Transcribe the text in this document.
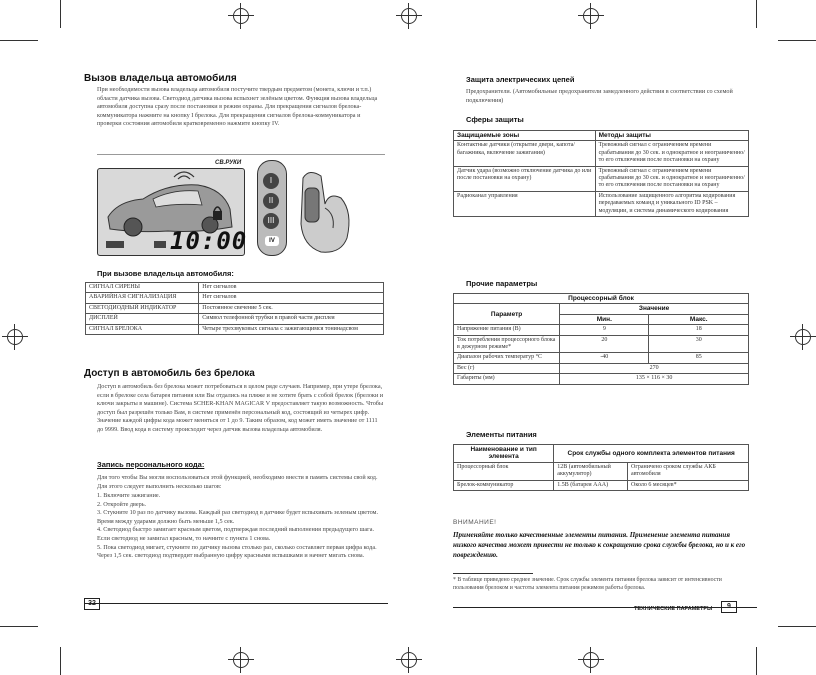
Вызов владельца автомобиля
При необходимости вызова владельца автомобиля постучите твердым предметом (монета, ключи и т.п.) области датчика вызова. Светодиод датчика вызова вспыхнет зелёным цветом. Функция вызова владельца автомобиля доступна сразу после постановки в режим охраны. Для прекращения сигналов брелока-коммуникатора нажмите на кнопку I брелока. Для прекращения сигналов брелока-коммуникатора и проверки состояния автомобиля кратковременно нажмите кнопку IV.
СВ.РУКИ
10:00
I
II
III
IV
При вызове владельца автомобиля:
СИГНАЛ СИРЕНЫ	Нет сигналов
АВАРИЙНАЯ СИГНАЛИЗАЦИЯ	Нет сигналов
СВЕТОДИОДНЫЙ ИНДИКАТОР	Постоянное свечение 5 сек.
ДИСПЛЕЙ	Символ телефонной трубки в правой части дисплея
СИГНАЛ БРЕЛОКА	Четыре трехзвуковых сигнала с зажигающимся тонинадсвом
Доступ в автомобиль без брелока
Доступ в автомобиль без брелока может потребоваться в целом ряде случаев. Например, при утере брелока, если в брелоке села батарея питания или Вы отдались на пляже и не хотите брать с собой брелок (брелоки и ключи закрыты в машине). Система SCHER-KHAN MAGICAR V предоставляет такую возможность. Чтобы доступ был разрешён только Вам, в системе применён персональный код, состоящий из четырех цифр. Значение каждой цифры кода может меняться от 1 до 9. Таким образом, код может иметь значение от 1111 до 9999. Ввод кода в систему происходит через датчик вызова владельца автомобиля.
Запись персонального кода:
Для того чтобы Вы могли воспользоваться этой функцией, необходимо внести в память системы свой код. Для этого следует выполнить несколько шагов:
1. Включите зажигание.
2. Откройте дверь.
3. Стукните 10 раз по датчику вызова. Каждый раз светодиод в датчике будет вспыхивать зеленым цветом. Время между ударами должно быть меньше 1,5 сек.
4. Светодиод быстро замигает красным цветом, подтверждая последний выполнения предыдущего шага. Если светодиод не замигал красным, то начните с пункта 1 снова.
5. Пока светодиод мигает, стукните по датчику вызова столько раз, сколько составляет первая цифра кода. Через 1,5 сек. светодиод подтвердит выбранную цифру красными вспышками и начнет мигать снова.
32
Защита электрических цепей
Предохранители. (Автомобильные предохранители замедленного действия в соответствии со схемой подключения)
Сферы защиты
Защищаемые зоны	Методы защиты
Контактные датчики (открытие двери, капота/багажника, включение зажигания)	Тревожный сигнал с ограничением времени срабатывания до 30 сек. и однократное и неограниченно/то его отключения после постановки на охрану
Датчик удара (возможно отключение датчика до или после постановки на охрану)	Тревожный сигнал с ограничением времени срабатывания до 30 сек. и однократное и неограниченно/то его отключения после постановки на охрану
Радиоканал управления	Использование защищенного алгоритма кодирования передаваемых команд и уникального ID PSK – модуляции, и система динамического кодирования
Прочие параметры
Процессорный блок		
Параметр	Значение	
	Мин.	Макс.
Напряжение питания (В)	9	18
Ток потребления процессорного блока в дежурном режиме*	20	30
Диапазон рабочих температур °C	-40	85
Вес (г)	270	
Габариты (мм)	135 × 116 × 30	
Элементы питания
Наименование и тип элемента	Срок службы одного комплекта элементов питания	
Процессорный блок	12В (автомобильный аккумулятор)	Ограничено сроком службы АКБ автомобиля
Брелок-коммуникатор	1.5В (батарея AAA)	Около 6 месяцев*
ВНИМАНИЕ!
Применяйте только качественные элементы питания. Применение элемента питания низкого качества может привести не только к сокращению срока службы брелока, но и к его повреждению.
* В таблице приведено среднее значение. Срок службы элемента питания брелока зависит от интенсивности пользования брелоком и частоты элемента питания режимом работы брелока.
ТЕХНИЧЕСКИЕ ПАРАМЕТРЫ	9
